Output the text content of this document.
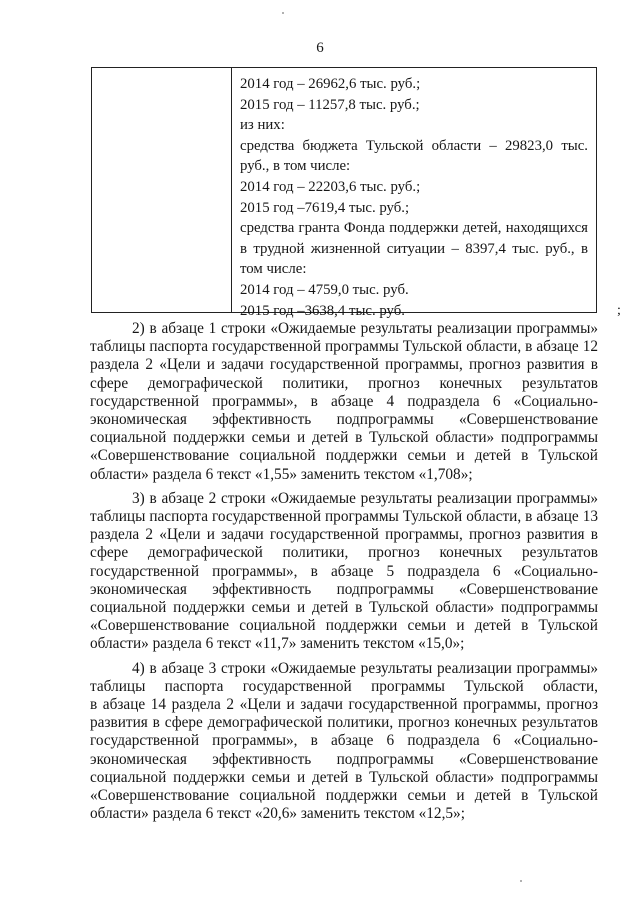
6
2014 год – 26962,6 тыс. руб.;
2015 год – 11257,8 тыс. руб.;
из них:
средства бюджета Тульской области – 29823,0 тыс.
руб., в том числе:
2014 год – 22203,6 тыс. руб.;
2015 год –7619,4 тыс. руб.;
средства гранта Фонда поддержки детей, находящихся
в трудной жизненной ситуации – 8397,4 тыс. руб., в
том числе:
2014 год – 4759,0 тыс. руб.
2015 год –3638,4 тыс. руб.	;
2) в абзаце 1 строки «Ожидаемые результаты реализации программы»
таблицы паспорта государственной программы Тульской области, в абзаце 12
раздела 2 «Цели и задачи государственной программы, прогноз развития в
сфере демографической политики, прогноз конечных результатов
государственной программы», в абзаце 4 подраздела 6 «Социально-
экономическая эффективность подпрограммы «Совершенствование
социальной поддержки семьи и детей в Тульской области» подпрограммы
«Совершенствование социальной поддержки семьи и детей в Тульской
области» раздела 6 текст «1,55» заменить текстом «1,708»;
3) в абзаце 2 строки «Ожидаемые результаты реализации программы»
таблицы паспорта государственной программы Тульской области, в абзаце 13
раздела 2 «Цели и задачи государственной программы, прогноз развития в
сфере демографической политики, прогноз конечных результатов
государственной программы», в абзаце 5 подраздела 6 «Социально-
экономическая эффективность подпрограммы «Совершенствование
социальной поддержки семьи и детей в Тульской области» подпрограммы
«Совершенствование социальной поддержки семьи и детей в Тульской
области» раздела 6 текст «11,7» заменить текстом «15,0»;
4) в абзаце 3 строки «Ожидаемые результаты реализации программы»
таблицы паспорта государственной программы Тульской области,
в абзаце 14 раздела 2 «Цели и задачи государственной программы, прогноз
развития в сфере демографической политики, прогноз конечных результатов
государственной программы», в абзаце 6 подраздела 6 «Социально-
экономическая эффективность подпрограммы «Совершенствование
социальной поддержки семьи и детей в Тульской области» подпрограммы
«Совершенствование социальной поддержки семьи и детей в Тульской
области» раздела 6 текст «20,6» заменить текстом «12,5»;
